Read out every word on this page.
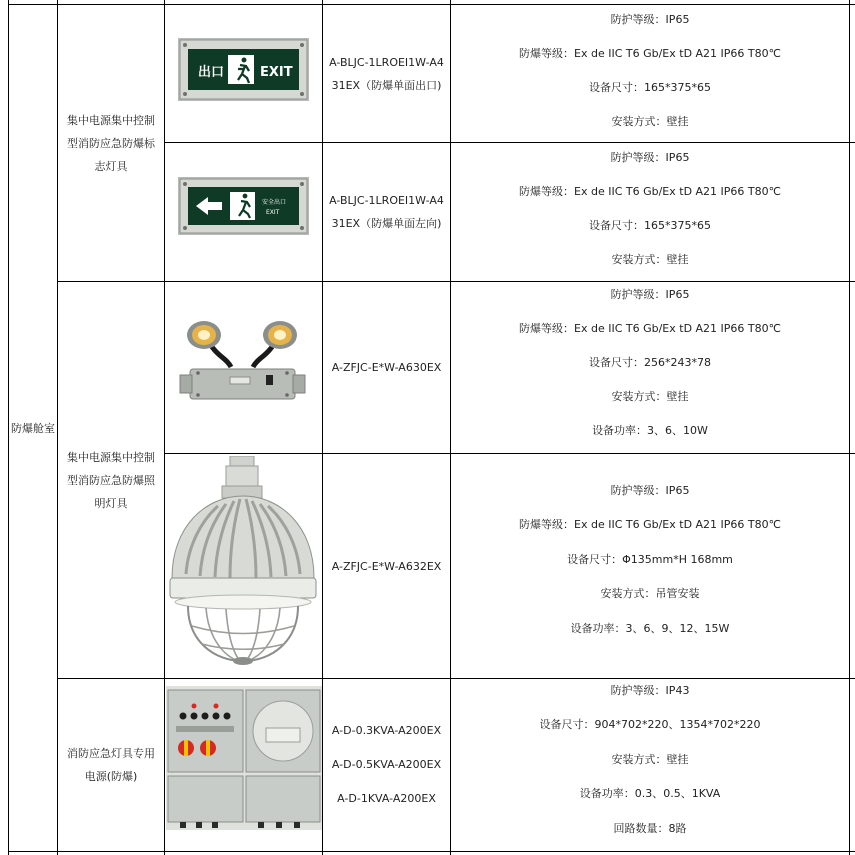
防爆舱室
集中电源集中控制型消防应急防爆标志灯具
集中电源集中控制型消防应急防爆照明灯具
消防应急灯具专用电源(防爆)
出口	EXIT
安全出口
EXIT
A-BLJC-1LROEI1W-A431EX（防爆单面出口)
A-BLJC-1LROEI1W-A431EX（防爆单面左向)
A-ZFJC-E*W-A630EX
A-ZFJC-E*W-A632EX
A-D-0.3KVA-A200EX
A-D-0.5KVA-A200EX
A-D-1KVA-A200EX
防护等级：IP65
防爆等级：Ex de IIC T6 Gb/Ex tD A21 IP66 T80℃
设备尺寸：165*375*65
安装方式：壁挂
防护等级：IP65
防爆等级：Ex de IIC T6 Gb/Ex tD A21 IP66 T80℃
设备尺寸：165*375*65
安装方式：壁挂
防护等级：IP65
防爆等级：Ex de IIC T6 Gb/Ex tD A21 IP66 T80℃
设备尺寸：256*243*78
安装方式：壁挂
设备功率：3、6、10W
防护等级：IP65
防爆等级：Ex de IIC T6 Gb/Ex tD A21 IP66 T80℃
设备尺寸：Φ135mm*H 168mm
安装方式：吊管安装
设备功率：3、6、9、12、15W
防护等级：IP43
设备尺寸：904*702*220、1354*702*220
安装方式：壁挂
设备功率：0.3、0.5、1KVA
回路数量：8路
